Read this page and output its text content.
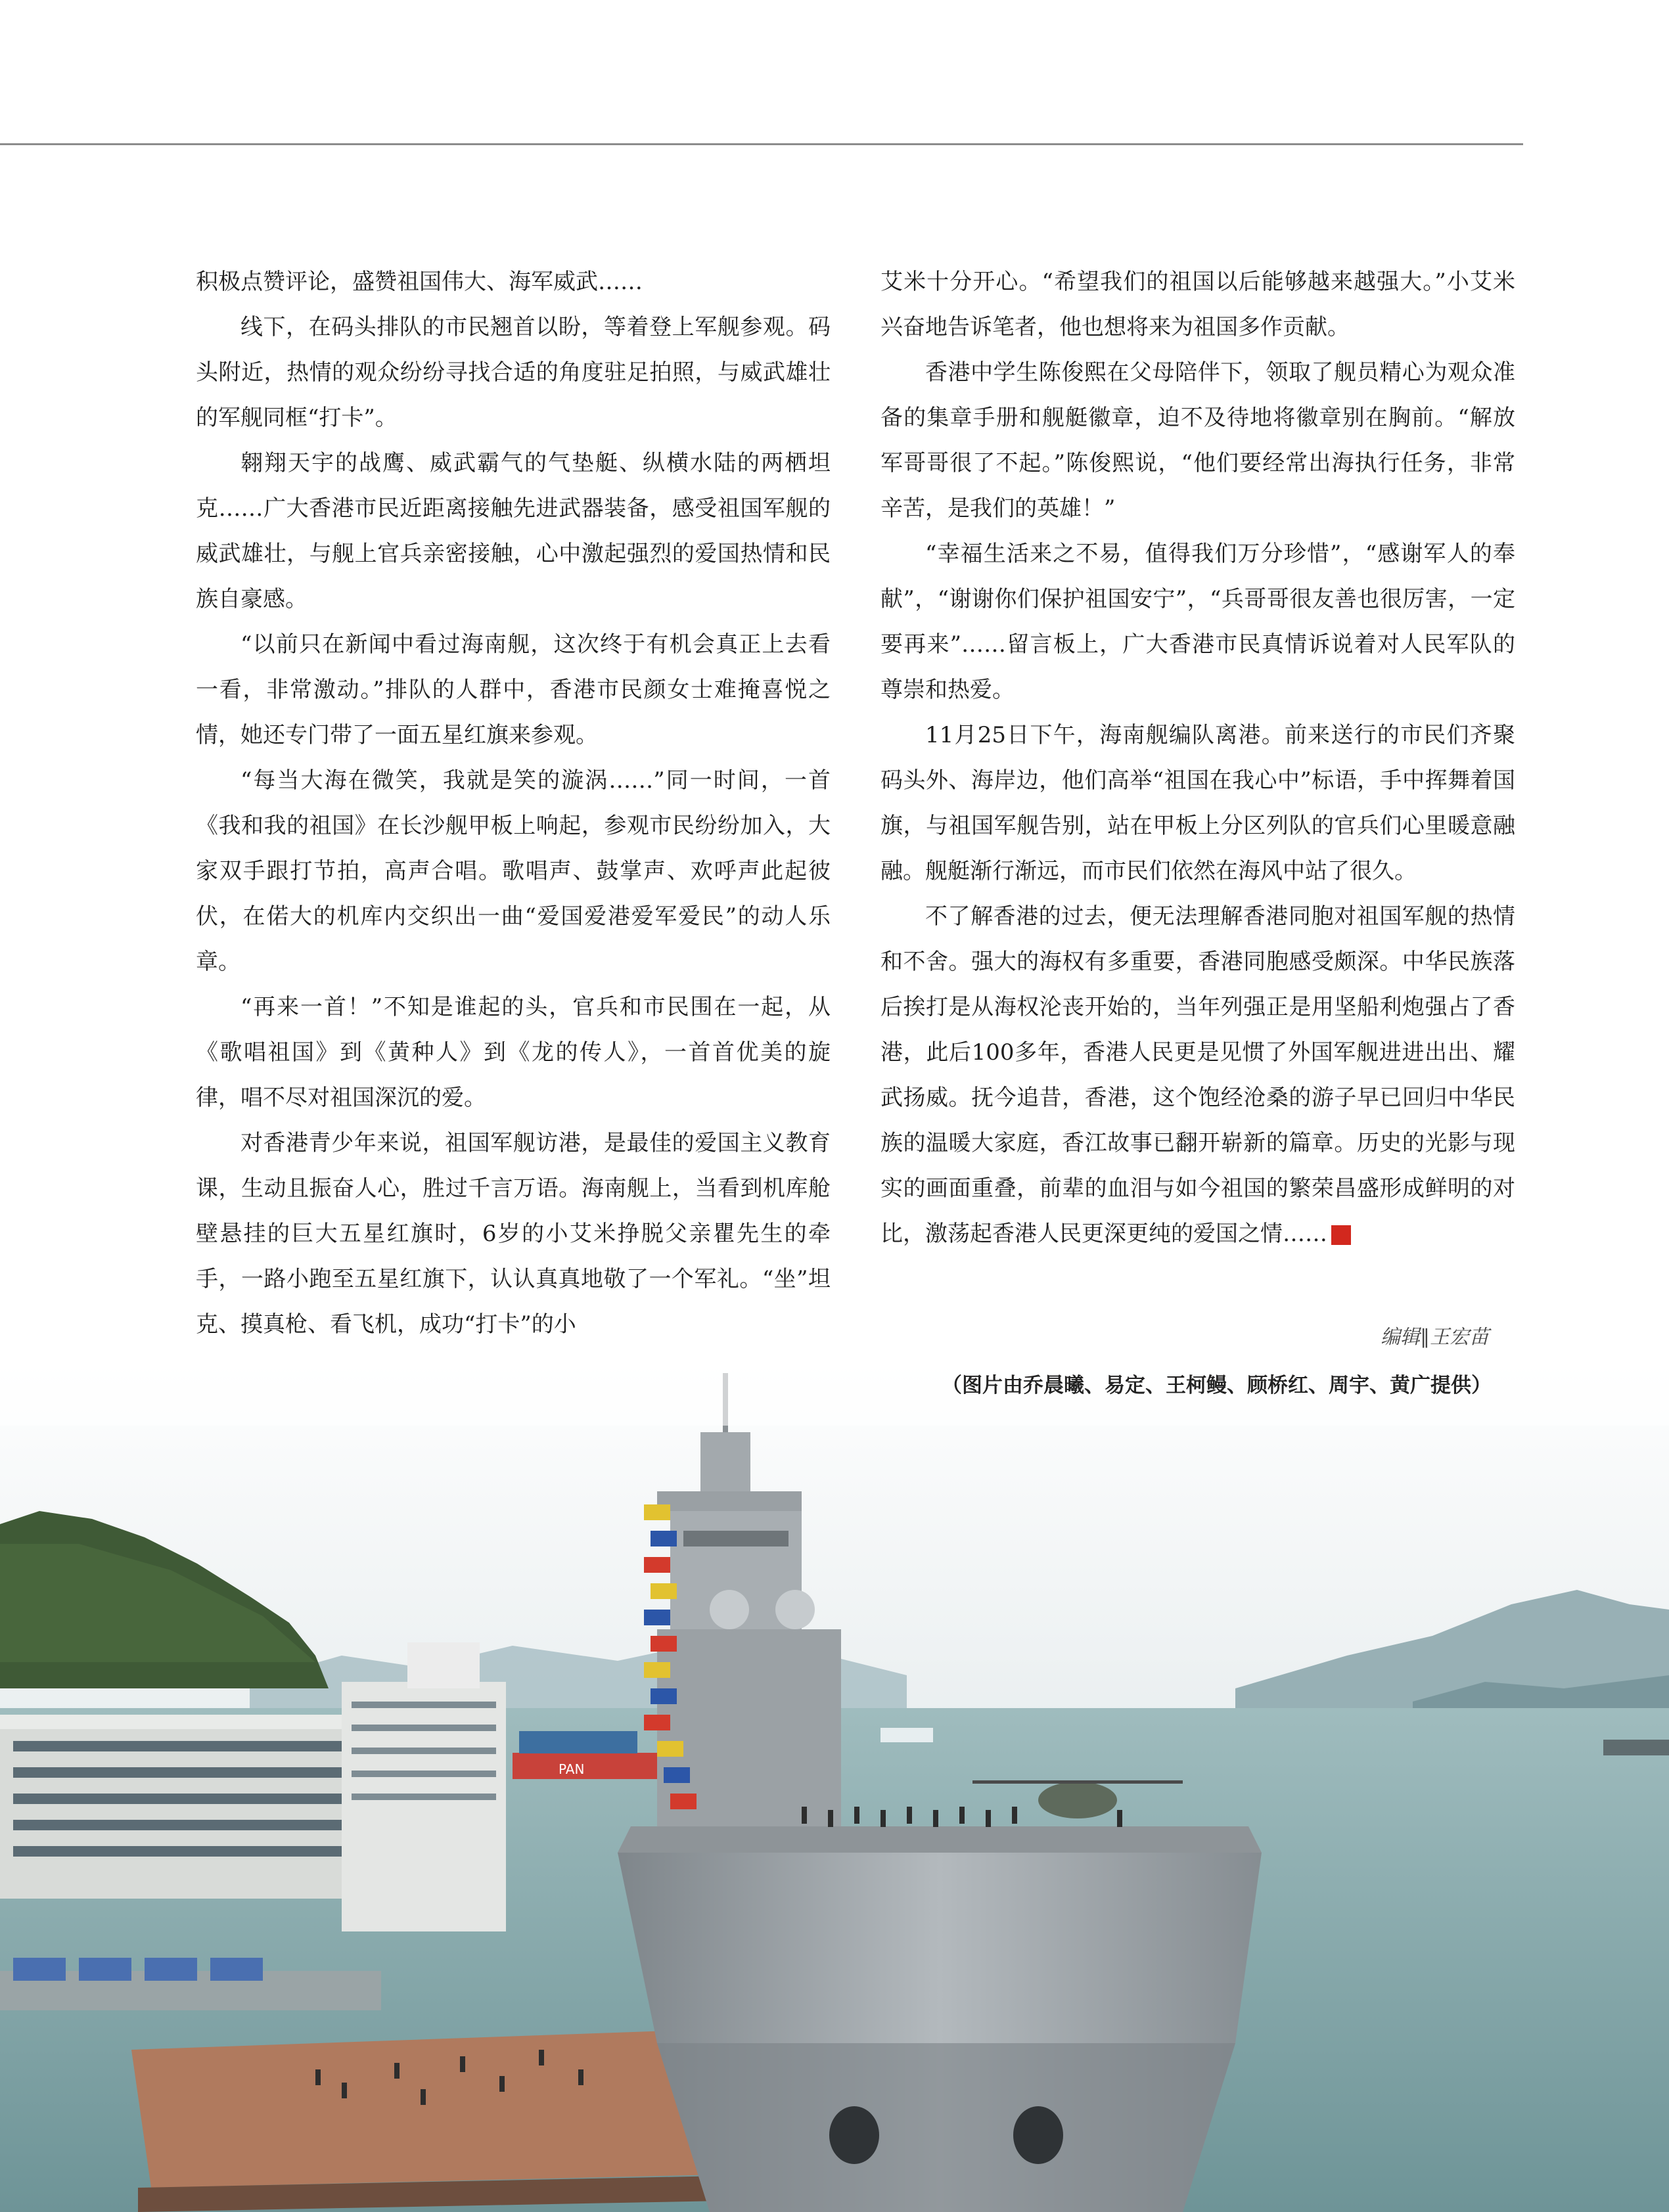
积极点赞评论，盛赞祖国伟大、海军威武……

线下，在码头排队的市民翘首以盼，等着登上军舰参观。码头附近，热情的观众纷纷寻找合适的角度驻足拍照，与威武雄壮的军舰同框“打卡”。

翱翔天宇的战鹰、威武霸气的气垫艇、纵横水陆的两栖坦克……广大香港市民近距离接触先进武器装备，感受祖国军舰的威武雄壮，与舰上官兵亲密接触，心中激起强烈的爱国热情和民族自豪感。

“以前只在新闻中看过海南舰，这次终于有机会真正上去看一看，非常激动。”排队的人群中，香港市民颜女士难掩喜悦之情，她还专门带了一面五星红旗来参观。

“每当大海在微笑，我就是笑的漩涡……”同一时间，一首《我和我的祖国》在长沙舰甲板上响起，参观市民纷纷加入，大家双手跟打节拍，高声合唱。歌唱声、鼓掌声、欢呼声此起彼伏，在偌大的机库内交织出一曲“爱国爱港爱军爱民”的动人乐章。

“再来一首！”不知是谁起的头，官兵和市民围在一起，从《歌唱祖国》到《黄种人》到《龙的传人》，一首首优美的旋律，唱不尽对祖国深沉的爱。

对香港青少年来说，祖国军舰访港，是最佳的爱国主义教育课，生动且振奋人心，胜过千言万语。海南舰上，当看到机库舱壁悬挂的巨大五星红旗时，6岁的小艾米挣脱父亲瞿先生的牵手，一路小跑至五星红旗下，认认真真地敬了一个军礼。“坐”坦克、摸真枪、看飞机，成功“打卡”的小

艾米十分开心。“希望我们的祖国以后能够越来越强大。”小艾米兴奋地告诉笔者，他也想将来为祖国多作贡献。

香港中学生陈俊熙在父母陪伴下，领取了舰员精心为观众准备的集章手册和舰艇徽章，迫不及待地将徽章别在胸前。“解放军哥哥很了不起。”陈俊熙说，“他们要经常出海执行任务，非常辛苦，是我们的英雄！”

“幸福生活来之不易，值得我们万分珍惜”，“感谢军人的奉献”，“谢谢你们保护祖国安宁”，“兵哥哥很友善也很厉害，一定要再来”……留言板上，广大香港市民真情诉说着对人民军队的尊崇和热爱。

11月25日下午，海南舰编队离港。前来送行的市民们齐聚码头外、海岸边，他们高举“祖国在我心中”标语，手中挥舞着国旗，与祖国军舰告别，站在甲板上分区列队的官兵们心里暖意融融。舰艇渐行渐远，而市民们依然在海风中站了很久。

不了解香港的过去，便无法理解香港同胞对祖国军舰的热情和不舍。强大的海权有多重要，香港同胞感受颇深。中华民族落后挨打是从海权沦丧开始的，当年列强正是用坚船利炮强占了香港，此后100多年，香港人民更是见惯了外国军舰进进出出、耀武扬威。抚今追昔，香港，这个饱经沧桑的游子早已回归中华民族的温暖大家庭，香江故事已翻开崭新的篇章。历史的光影与现实的画面重叠，前辈的血泪与如今祖国的繁荣昌盛形成鲜明的对比，激荡起香港人民更深更纯的爱国之情……	G

编辑∥王宏苗
（图片由乔晨曦、易定、王柯鳗、顾桥红、周宇、黄广提供）
PAN
